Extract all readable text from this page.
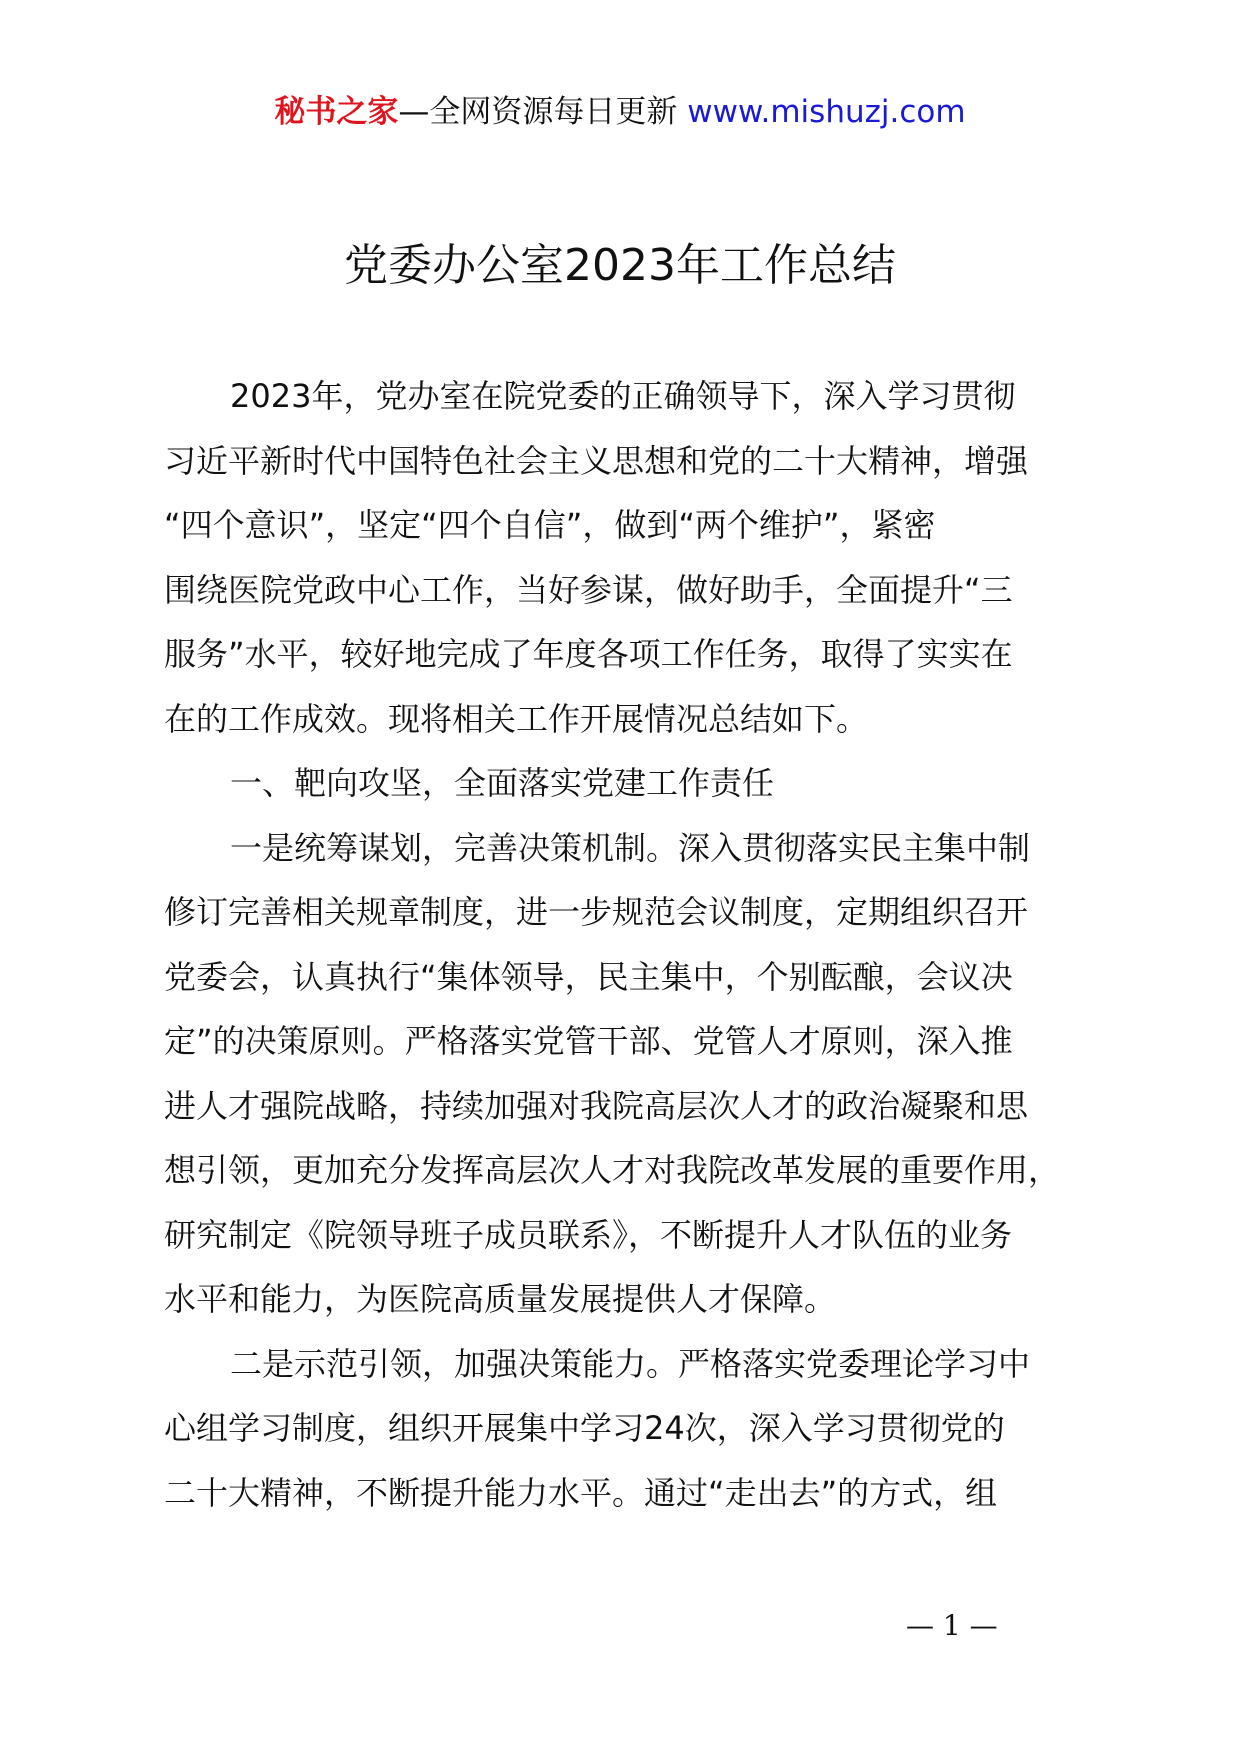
秘书之家—全网资源每日更新 www.mishuzj.com
党委办公室2023年工作总结
2023年，党办室在院党委的正确领导下，深入学习贯彻
习近平新时代中国特色社会主义思想和党的二十大精神，增强
“四个意识”，坚定“四个自信”，做到“两个维护”，紧密
围绕医院党政中心工作，当好参谋，做好助手，全面提升“三
服务”水平，较好地完成了年度各项工作任务，取得了实实在
在的工作成效。现将相关工作开展情况总结如下。
一、靶向攻坚，全面落实党建工作责任
一是统筹谋划，完善决策机制。深入贯彻落实民主集中制
修订完善相关规章制度，进一步规范会议制度，定期组织召开
党委会，认真执行“集体领导，民主集中，个别酝酿，会议决
定”的决策原则。严格落实党管干部、党管人才原则，深入推
进人才强院战略，持续加强对我院高层次人才的政治凝聚和思
想引领，更加充分发挥高层次人才对我院改革发展的重要作用，
研究制定《院领导班子成员联系》，不断提升人才队伍的业务
水平和能力，为医院高质量发展提供人才保障。
二是示范引领，加强决策能力。严格落实党委理论学习中
心组学习制度，组织开展集中学习24次，深入学习贯彻党的
二十大精神，不断提升能力水平。通过“走出去”的方式，组
— 1 —
